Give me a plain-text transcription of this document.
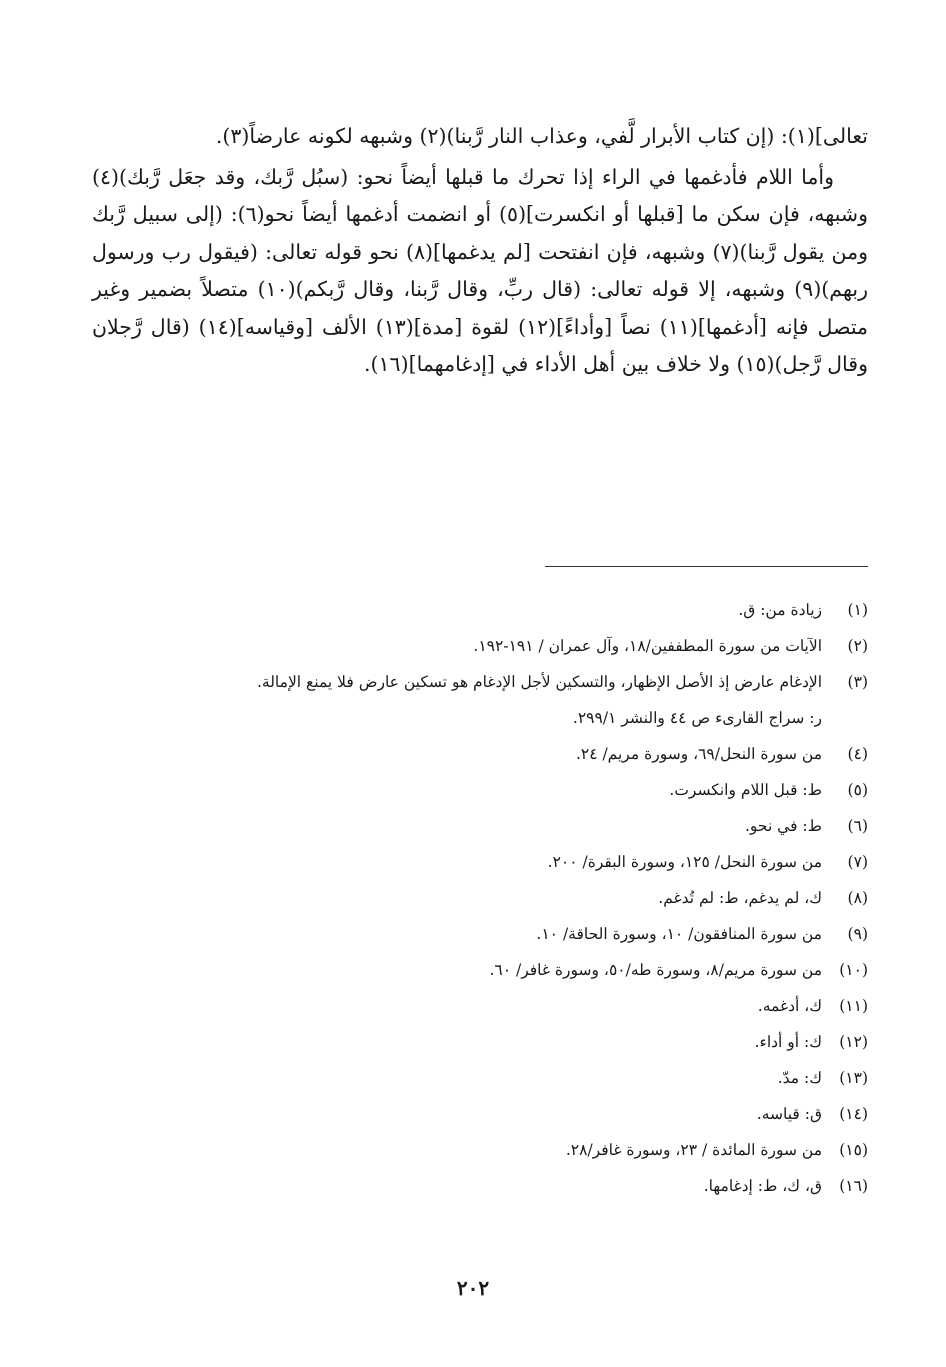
تعالى](١): (إن كتاب الأبرار لَّفي، وعذاب النار رَّبنا)(٢) وشبهه لكونه عارضاً(٣).

وأما اللام فأدغمها في الراء إذا تحرك ما قبلها أيضاً نحو: (سبُل رَّبك، وقد جعَل رَّبك)(٤) وشبهه، فإن سكن ما [قبلها أو انكسرت](٥) أو انضمت أدغمها أيضاً نحو(٦): (إلى سبيل رَّبك ومن يقول رَّبنا)(٧) وشبهه، فإن انفتحت [لم يدغمها](٨) نحو قوله تعالى: (فيقول رب ورسول ربهم)(٩) وشبهه، إلا قوله تعالى: (قال ربِّ، وقال رَّبنا، وقال رَّبكم)(١٠) متصلاً بضمير وغير متصل فإنه [أدغمها](١١) نصاً [وأداءً](١٢) لقوة [مدة](١٣) الألف [وقياسه](١٤) (قال رَّجلان وقال رَّجل)(١٥) ولا خلاف بين أهل الأداء في [إدغامهما](١٦).

(١)
زيادة من: ق.
(٢)
الآيات من سورة المطففين/١٨، وآل عمران / ١٩١-١٩٢.
(٣)
الإدغام عارض إذ الأصل الإظهار، والتسكين لأجل الإدغام هو تسكين عارض فلا يمنع الإمالة.
ر: سراج القارىء ص ٤٤ والنشر ٢٩٩/١.
(٤)
من سورة النحل/٦٩، وسورة مريم/ ٢٤.
(٥)
ط: قبل اللام وانكسرت.
(٦)
ط: في نحو.
(٧)
من سورة النحل/ ١٢٥، وسورة البقرة/ ٢٠٠.
(٨)
ك، لم يدغم، ط: لم تُدغم.
(٩)
من سورة المنافقون/ ١٠، وسورة الحاقة/ ١٠.
(١٠)
من سورة مريم/٨، وسورة طه/٥٠، وسورة غافر/ ٦٠.
(١١)
ك، أدغمه.
(١٢)
ك: أو أداء.
(١٣)
ك: مدّ.
(١٤)
ق: قياسه.
(١٥)
من سورة المائدة / ٢٣، وسورة غافر/٢٨.
(١٦)
ق، ك، ط: إدغامها.
٢٠٢
